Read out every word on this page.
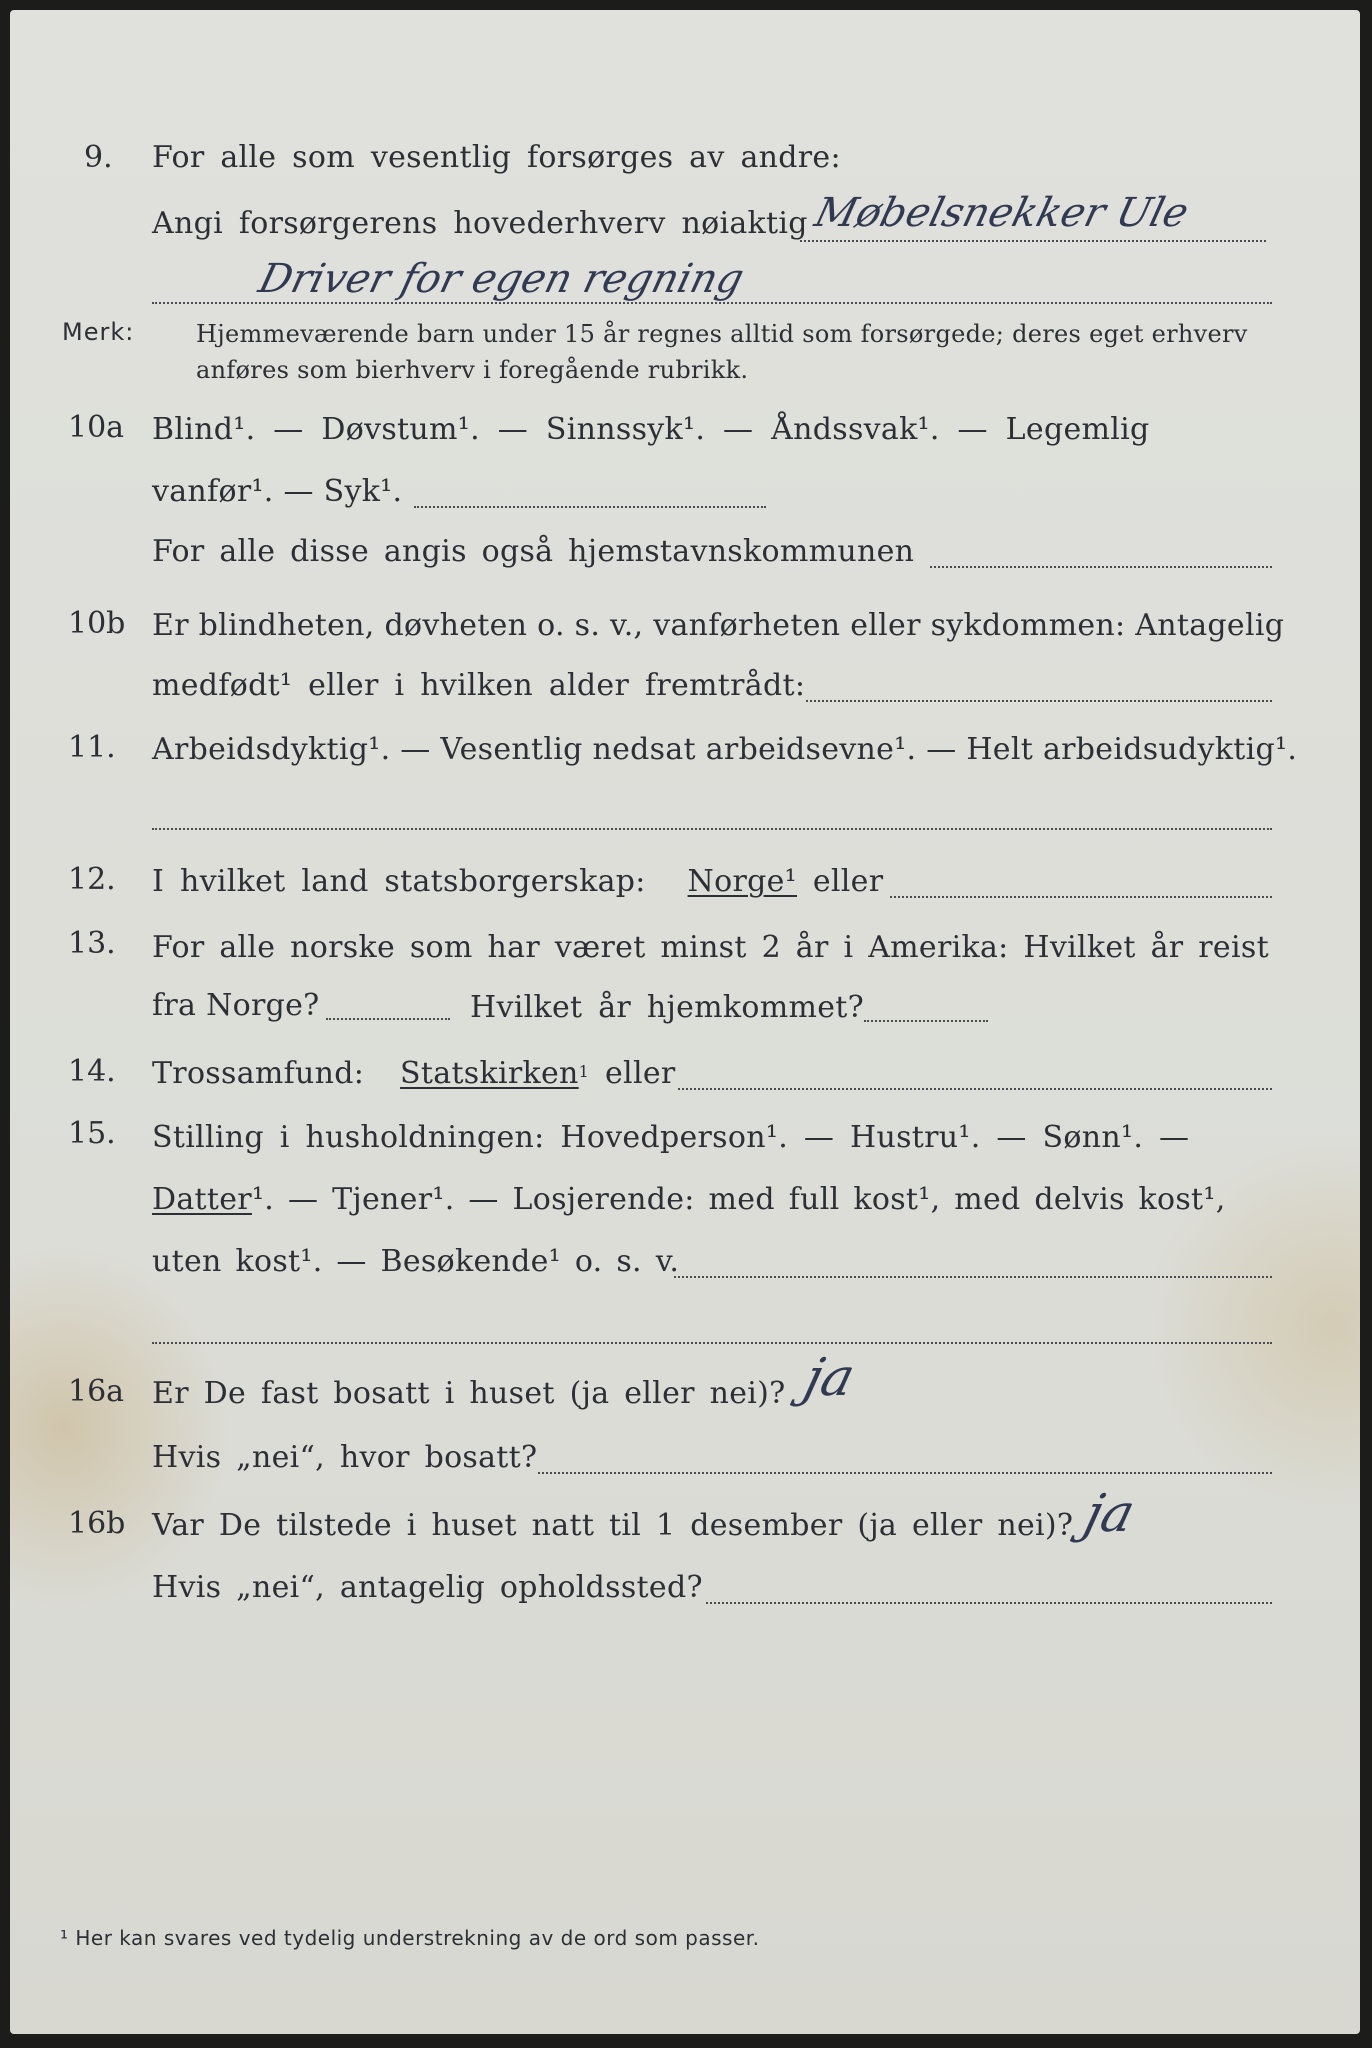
9. For alle som vesentlig forsørges av andre:
Angi forsørgerens hovederhverv nøiaktig Møbelsnekker Ule
Driver for egen regning
Merk:	Hjemmeværende barn under 15 år regnes alltid som forsørgede; deres eget erhverv
anføres som bierhverv i foregående rubrikk.
10a Blind¹. — Døvstum¹. — Sinnssyk¹. — Åndssvak¹. — Legemlig
vanfør¹. — Syk¹.
For alle disse angis også hjemstavnskommunen
10b Er blindheten, døvheten o. s. v., vanførheten eller sykdommen: Antagelig
medfødt¹ eller i hvilken alder fremtrådt:
11. Arbeidsdyktig¹. — Vesentlig nedsat arbeidsevne¹. — Helt arbeidsudyktig¹.
12. I hvilket land statsborgerskap: Norge¹ eller
13. For alle norske som har været minst 2 år i Amerika: Hvilket år reist
fra Norge?	Hvilket år hjemkommet?
14. Trossamfund: Statskirken$^1$ eller
15. Stilling i husholdningen: Hovedperson¹. — Hustru¹. — Sønn¹. —
Datter¹. — Tjener¹. — Losjerende: med full kost¹, med delvis kost¹,
uten kost¹. — Besøkende¹ o. s. v.
16a Er De fast bosatt i huset (ja eller nei)? ja
Hvis „nei“, hvor bosatt?
16b Var De tilstede i huset natt til 1 desember (ja eller nei)? ja
Hvis „nei“, antagelig opholdssted?
¹ Her kan svares ved tydelig understrekning av de ord som passer.
